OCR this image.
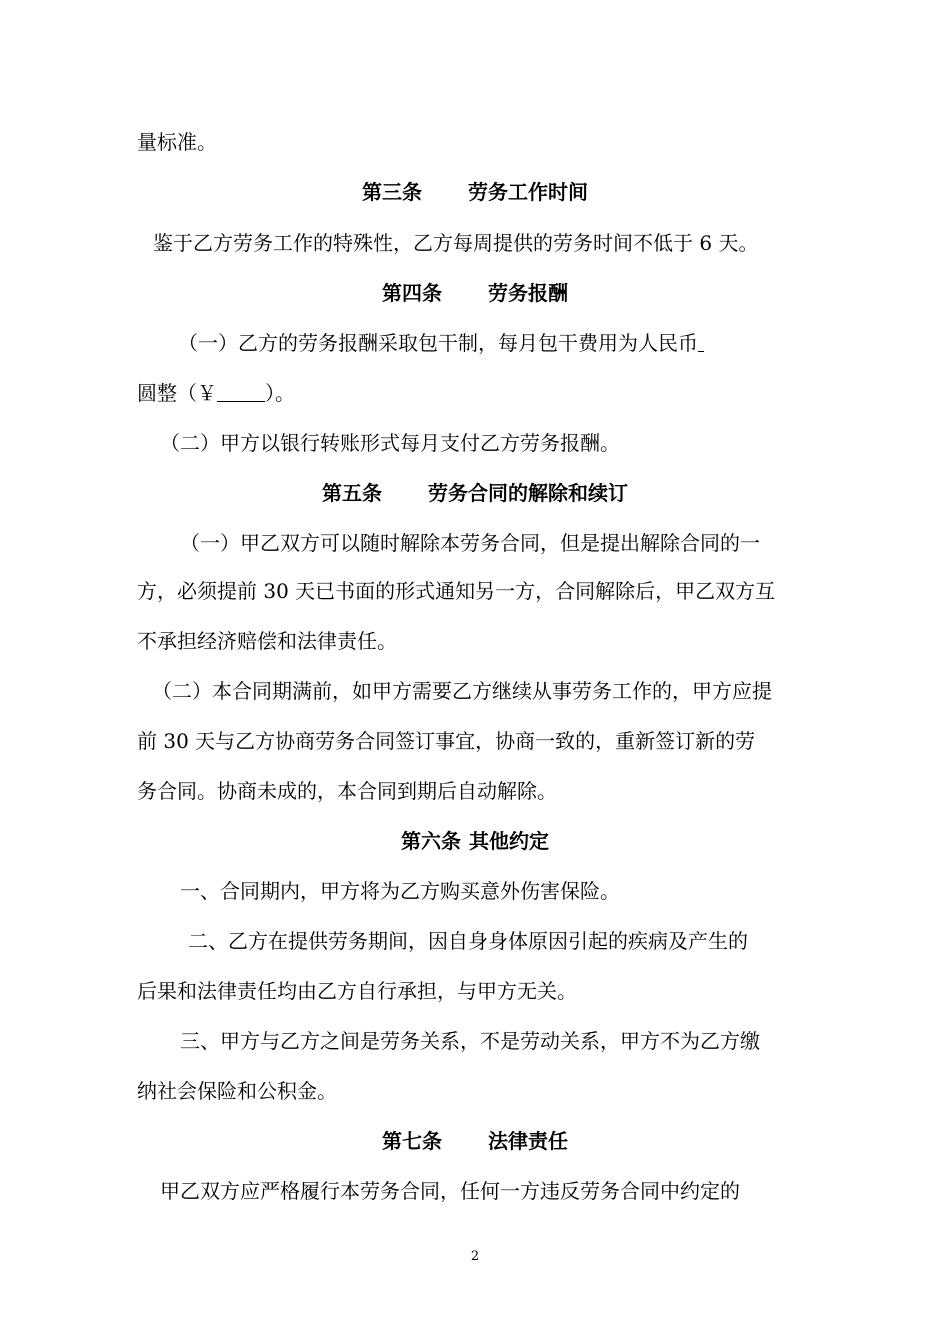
量标准。
第三条 劳务工作时间
鉴于乙方劳务工作的特殊性，乙方每周提供的劳务时间不低于 6 天。
第四条 劳务报酬
（一）乙方的劳务报酬采取包干制，每月包干费用为人民币
圆整（￥ ）。
（二）甲方以银行转账形式每月支付乙方劳务报酬。
第五条 劳务合同的解除和续订
（一）甲乙双方可以随时解除本劳务合同，但是提出解除合同的一
方，必须提前 30 天已书面的形式通知另一方，合同解除后，甲乙双方互
不承担经济赔偿和法律责任。
（二）本合同期满前，如甲方需要乙方继续从事劳务工作的，甲方应提
前 30 天与乙方协商劳务合同签订事宜，协商一致的，重新签订新的劳
务合同。协商未成的，本合同到期后自动解除。
第六条 其他约定
一、合同期内，甲方将为乙方购买意外伤害保险。
二、乙方在提供劳务期间，因自身身体原因引起的疾病及产生的
后果和法律责任均由乙方自行承担，与甲方无关。
三、甲方与乙方之间是劳务关系，不是劳动关系，甲方不为乙方缴
纳社会保险和公积金。
第七条 法律责任
甲乙双方应严格履行本劳务合同，任何一方违反劳务合同中约定的
2
